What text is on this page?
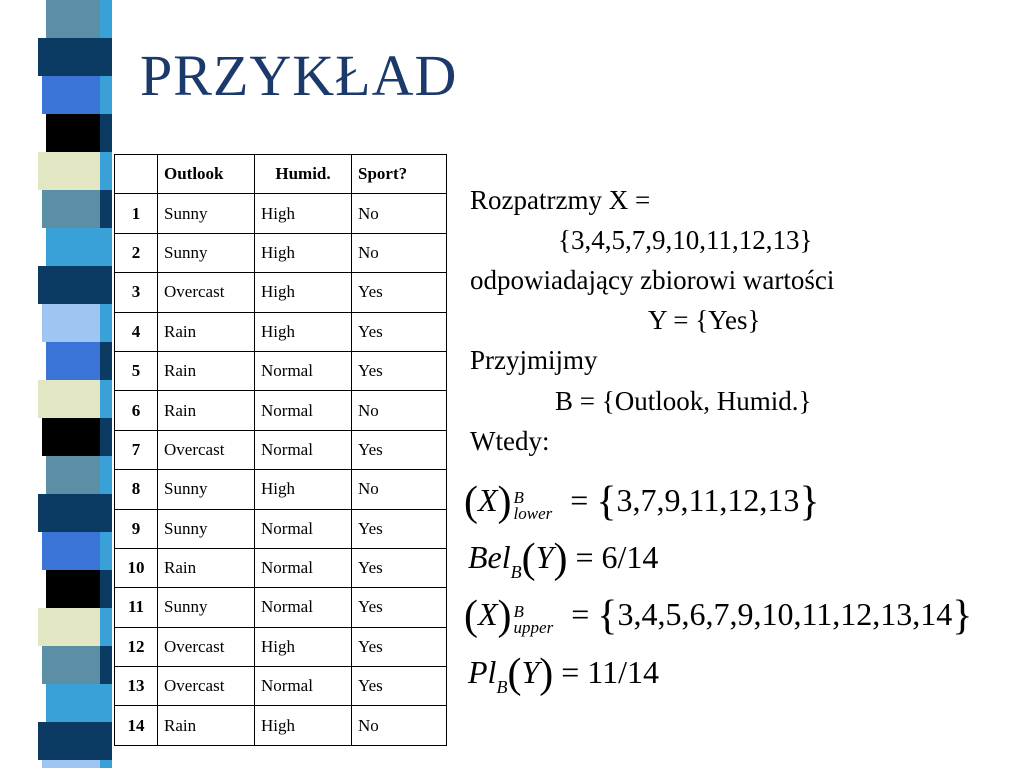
PRZYKŁAD
	Outlook	Humid.	Sport?
1	Sunny	High	No
2	Sunny	High	No
3	Overcast	High	Yes
4	Rain	High	Yes
5	Rain	Normal	Yes
6	Rain	Normal	No
7	Overcast	Normal	Yes
8	Sunny	High	No
9	Sunny	Normal	Yes
10	Rain	Normal	Yes
11	Sunny	Normal	Yes
12	Overcast	High	Yes
13	Overcast	Normal	Yes
14	Rain	High	No

Rozpatrzmy X =

{3,4,5,7,9,10,11,12,13}

odpowiadający zbiorowi wartości

Y = {Yes}

Przyjmijmy

B = {Outlook, Humid.}

Wtedy:

(X) B
lower = {3,7,9,11,12,13}
Bel$_B$(Y) = 6/14
(X) B
upper = {3,4,5,6,7,9,10,11,12,13,14}
$Pl_B(Y) = 11/14$
